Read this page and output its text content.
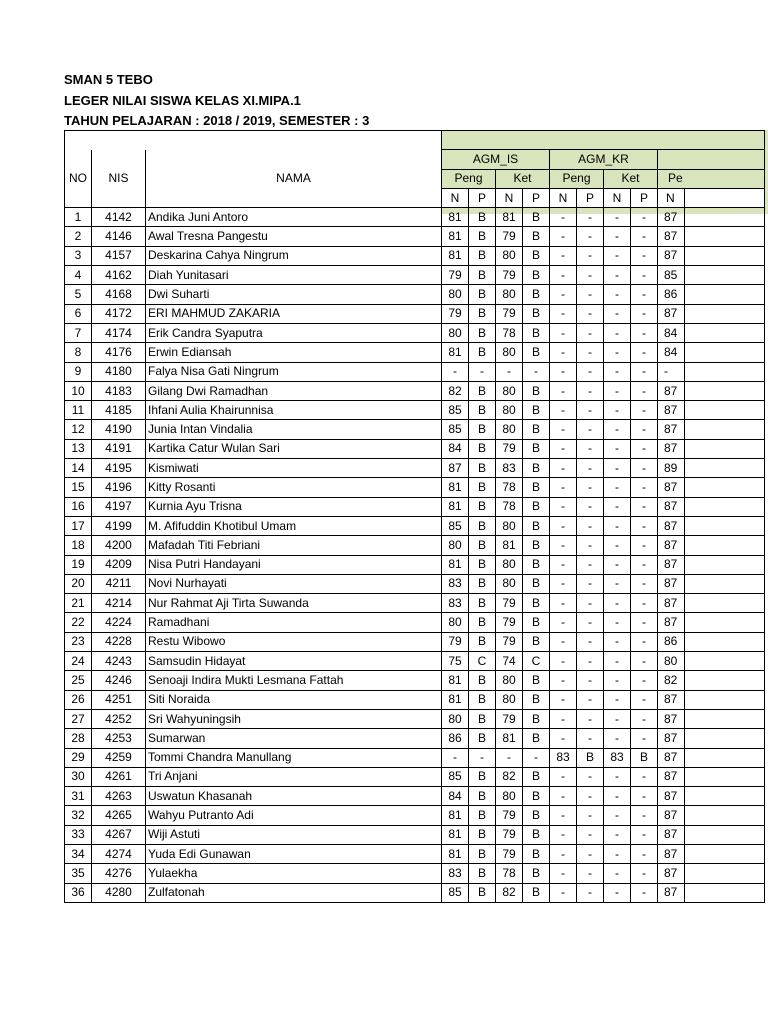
SMAN 5 TEBO
LEGER NILAI SISWA KELAS XI.MIPA.1
TAHUN PELAJARAN : 2018 / 2019, SEMESTER : 3

NO	NIS	NAMA	AGM_IS				AGM_KR					
			Peng		Ket		Peng		Ket		Pe	
			N	P	N	P	N	P	N	P	N	
1	4142	Andika Juni Antoro	81	B	81	B	-	-	-	-	87	
2	4146	Awal Tresna Pangestu	81	B	79	B	-	-	-	-	87	
3	4157	Deskarina Cahya Ningrum	81	B	80	B	-	-	-	-	87	
4	4162	Diah Yunitasari	79	B	79	B	-	-	-	-	85	
5	4168	Dwi Suharti	80	B	80	B	-	-	-	-	86	
6	4172	ERI MAHMUD ZAKARIA	79	B	79	B	-	-	-	-	87	
7	4174	Erik Candra Syaputra	80	B	78	B	-	-	-	-	84	
8	4176	Erwin Ediansah	81	B	80	B	-	-	-	-	84	
9	4180	Falya Nisa Gati Ningrum	-	-	-	-	-	-	-	-	-	
10	4183	Gilang Dwi Ramadhan	82	B	80	B	-	-	-	-	87	
11	4185	Ihfani Aulia Khairunnisa	85	B	80	B	-	-	-	-	87	
12	4190	Junia Intan Vindalia	85	B	80	B	-	-	-	-	87	
13	4191	Kartika Catur Wulan Sari	84	B	79	B	-	-	-	-	87	
14	4195	Kismiwati	87	B	83	B	-	-	-	-	89	
15	4196	Kitty Rosanti	81	B	78	B	-	-	-	-	87	
16	4197	Kurnia Ayu Trisna	81	B	78	B	-	-	-	-	87	
17	4199	M. Afifuddin Khotibul Umam	85	B	80	B	-	-	-	-	87	
18	4200	Mafadah Titi Febriani	80	B	81	B	-	-	-	-	87	
19	4209	Nisa Putri Handayani	81	B	80	B	-	-	-	-	87	
20	4211	Novi Nurhayati	83	B	80	B	-	-	-	-	87	
21	4214	Nur Rahmat Aji Tirta Suwanda	83	B	79	B	-	-	-	-	87	
22	4224	Ramadhani	80	B	79	B	-	-	-	-	87	
23	4228	Restu Wibowo	79	B	79	B	-	-	-	-	86	
24	4243	Samsudin Hidayat	75	C	74	C	-	-	-	-	80	
25	4246	Senoaji Indira Mukti Lesmana Fattah	81	B	80	B	-	-	-	-	82	
26	4251	Siti Noraida	81	B	80	B	-	-	-	-	87	
27	4252	Sri Wahyuningsih	80	B	79	B	-	-	-	-	87	
28	4253	Sumarwan	86	B	81	B	-	-	-	-	87	
29	4259	Tommi Chandra Manullang	-	-	-	-	83	B	83	B	87	
30	4261	Tri Anjani	85	B	82	B	-	-	-	-	87	
31	4263	Uswatun Khasanah	84	B	80	B	-	-	-	-	87	
32	4265	Wahyu Putranto Adi	81	B	79	B	-	-	-	-	87	
33	4267	Wiji Astuti	81	B	79	B	-	-	-	-	87	
34	4274	Yuda Edi Gunawan	81	B	79	B	-	-	-	-	87	
35	4276	Yulaekha	83	B	78	B	-	-	-	-	87	
36	4280	Zulfatonah	85	B	82	B	-	-	-	-	87	
